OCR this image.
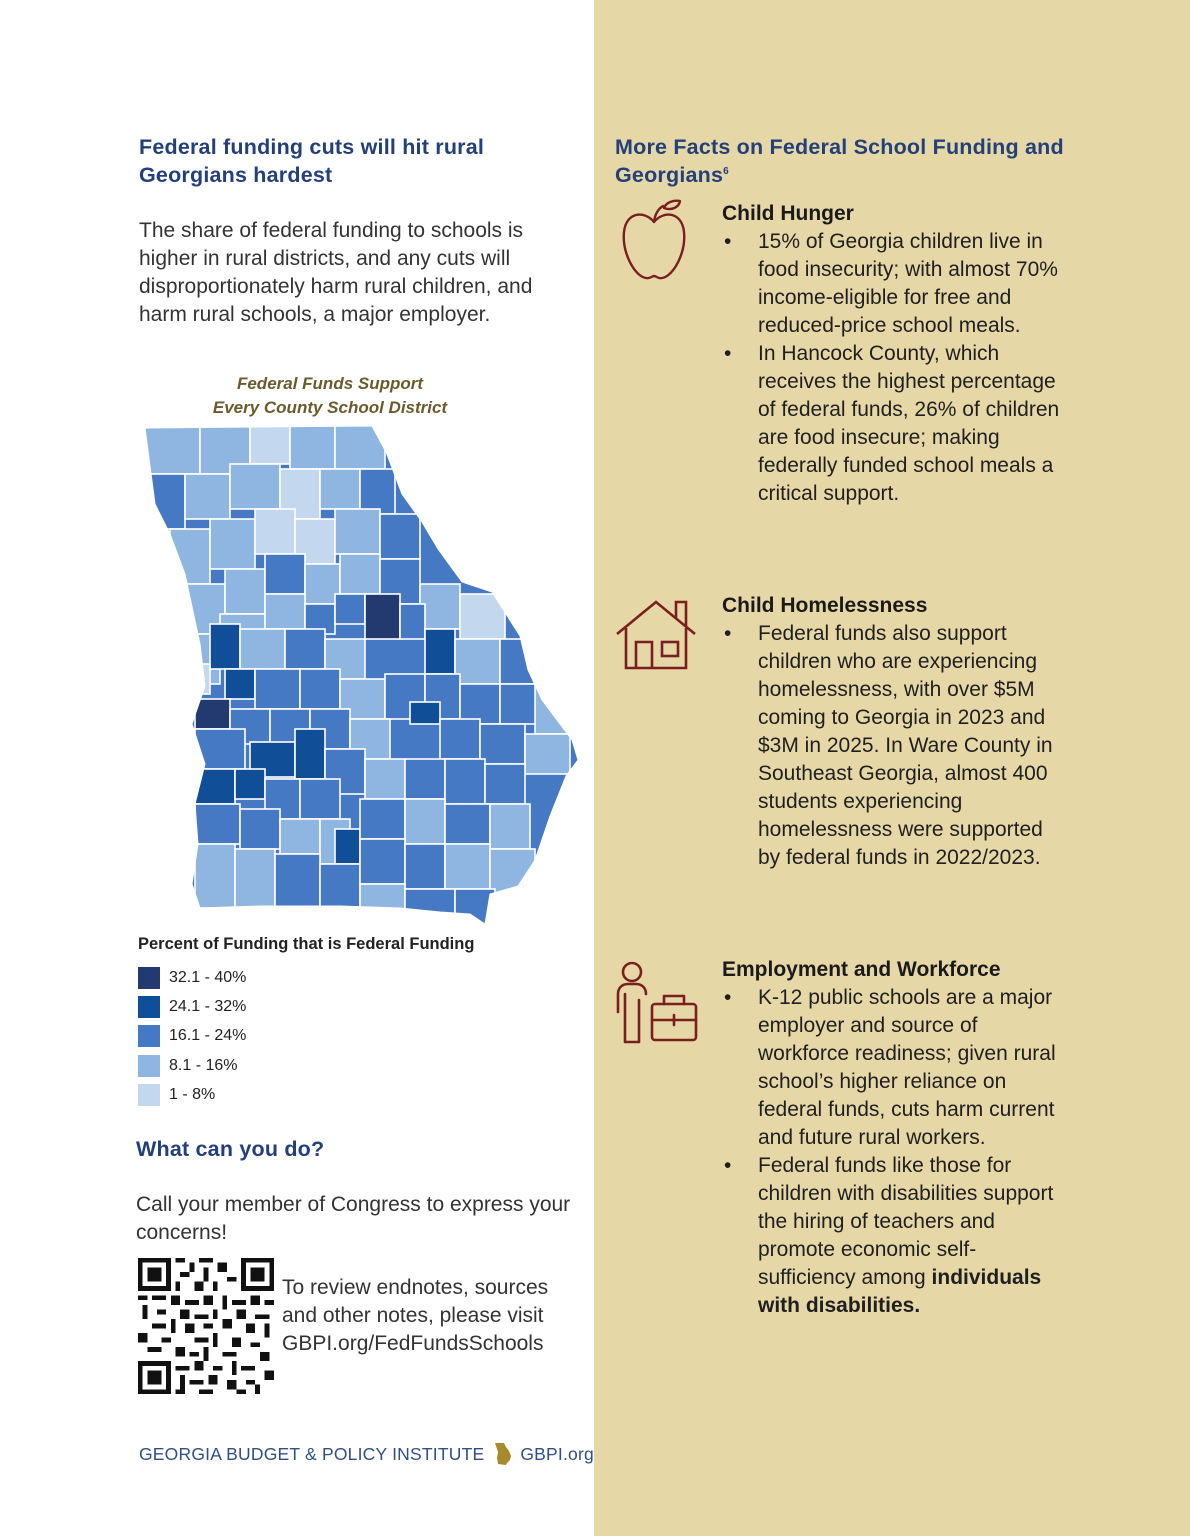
Federal funding cuts will hit rural Georgians hardest

The share of federal funding to schools is higher in rural districts, and any cuts will disproportionately harm rural children, and harm rural schools, a major employer.

Federal Funds Support
Every County School District
Percent of Funding that is Federal Funding
32.1 - 40%
24.1 - 32%
16.1 - 24%
8.1 - 16%
1 - 8%
What can you do?

Call your member of Congress to express your concerns!

To review endnotes, sources and other notes, please visit GBPI.org/FedFundsSchools

GEORGIA BUDGET & POLICY INSTITUTE GBPI.org
More Facts on Federal School Funding and Georgians$^6$
Child Hunger
• 15% of Georgia children live in food insecurity; with almost 70% income-eligible for free and reduced-price school meals.
• In Hancock County, which receives the highest percentage of federal funds, 26% of children are food insecure; making federally funded school meals a critical support.
Child Homelessness
• Federal funds also support children who are experiencing homelessness, with over $5M coming to Georgia in 2023 and $3M in 2025. In Ware County in Southeast Georgia, almost 400 students experiencing homelessness were supported by federal funds in 2022/2023.
Employment and Workforce
• K-12 public schools are a major employer and source of workforce readiness; given rural school’s higher reliance on federal funds, cuts harm current and future rural workers.
• Federal funds like those for children with disabilities support the hiring of teachers and promote economic self-sufficiency among individuals with disabilities.
